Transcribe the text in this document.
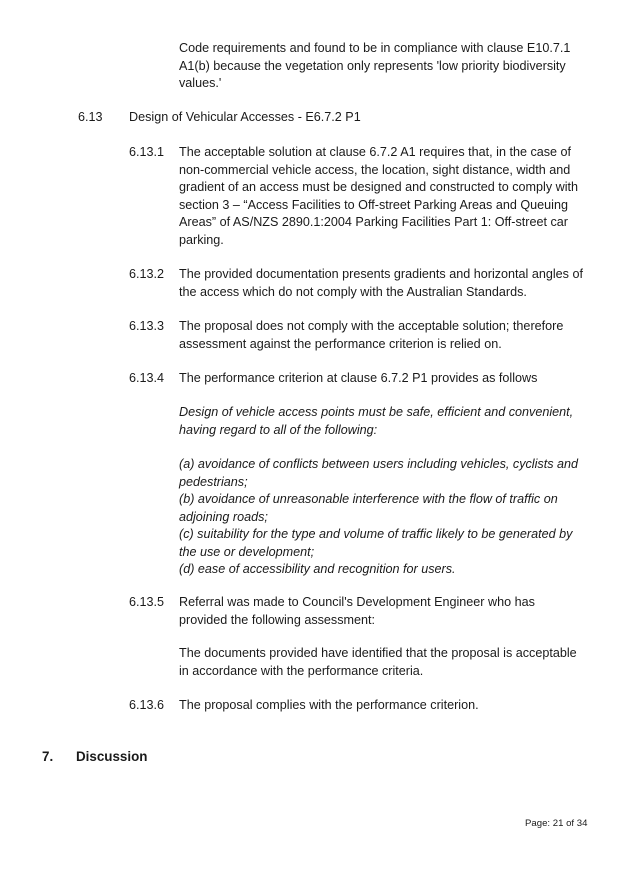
Code requirements and found to be in compliance with clause E10.7.1 A1(b) because the vegetation only represents 'low priority biodiversity values.'

6.13 Design of Vehicular Accesses - E6.7.2 P1
6.13.1 The acceptable solution at clause 6.7.2 A1 requires that, in the case of non-commercial vehicle access, the location, sight distance, width and gradient of an access must be designed and constructed to comply with section 3 – “Access Facilities to Off-street Parking Areas and Queuing Areas” of AS/NZS 2890.1:2004 Parking Facilities Part 1: Off-street car parking.
6.13.2 The provided documentation presents gradients and horizontal angles of the access which do not comply with the Australian Standards.
6.13.3 The proposal does not comply with the acceptable solution; therefore assessment against the performance criterion is relied on.
6.13.4 The performance criterion at clause 6.7.2 P1 provides as follows
Design of vehicle access points must be safe, efficient and convenient, having regard to all of the following:

(a) avoidance of conflicts between users including vehicles, cyclists and pedestrians;

(b) avoidance of unreasonable interference with the flow of traffic on adjoining roads;

(c) suitability for the type and volume of traffic likely to be generated by the use or development;

(d) ease of accessibility and recognition for users.

6.13.5 Referral was made to Council's Development Engineer who has provided the following assessment:
The documents provided have identified that the proposal is acceptable in accordance with the performance criteria.
6.13.6 The proposal complies with the performance criterion.
7. Discussion
Page: 21 of 34
